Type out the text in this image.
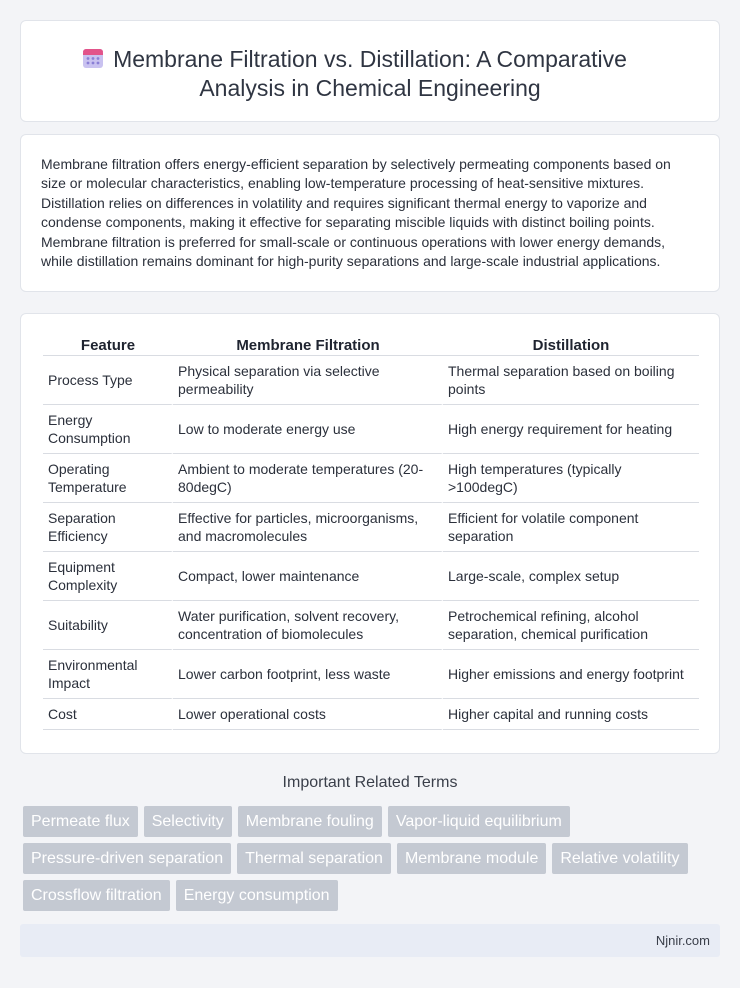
Membrane Filtration vs. Distillation: A Comparative
Analysis in Chemical Engineering

Membrane filtration offers energy-efficient separation by selectively permeating components based on size or molecular characteristics, enabling low-temperature processing of heat-sensitive mixtures. Distillation relies on differences in volatility and requires significant thermal energy to vaporize and condense components, making it effective for separating miscible liquids with distinct boiling points. Membrane filtration is preferred for small-scale or continuous operations with lower energy demands, while distillation remains dominant for high-purity separations and large-scale industrial applications.

Feature	Membrane Filtration	Distillation
Process Type	Physical separation via selective permeability	Thermal separation based on boiling points
Energy Consumption	Low to moderate energy use	High energy requirement for heating
Operating Temperature	Ambient to moderate temperatures (20-80degC)	High temperatures (typically >100degC)
Separation Efficiency	Effective for particles, microorganisms, and macromolecules	Efficient for volatile component separation
Equipment Complexity	Compact, lower maintenance	Large-scale, complex setup
Suitability	Water purification, solvent recovery, concentration of biomolecules	Petrochemical refining, alcohol separation, chemical purification
Environmental Impact	Lower carbon footprint, less waste	Higher emissions and energy footprint
Cost	Lower operational costs	Higher capital and running costs
Important Related Terms
Permeate flux	Selectivity	Membrane fouling	Vapor-liquid equilibrium
Pressure-driven separation	Thermal separation	Membrane module	Relative volatility
Crossflow filtration	Energy consumption
Njnir.com
